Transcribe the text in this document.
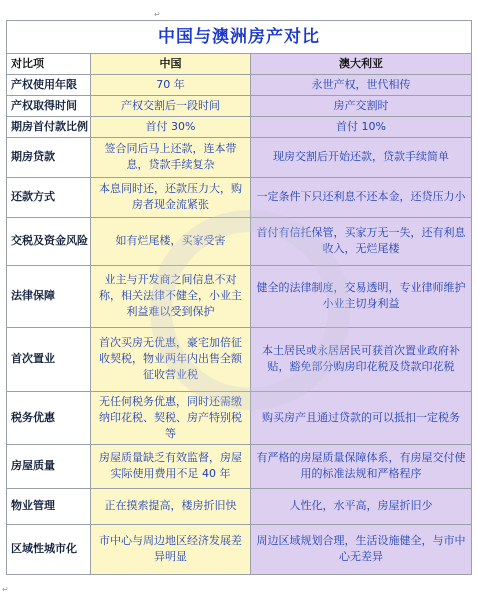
↵
中国与澳洲房产对比		
对比项	中国	澳大利亚
产权使用年限	70 年	永世产权，世代相传
产权取得时间	产权交割后一段时间	房产交割时
期房首付款比例	首付 30%	首付 10%
期房贷款	签合同后马上还款，连本带息，贷款手续复杂	现房交割后开始还款，贷款手续简单
还款方式	本息同时还，还款压力大，购房者现金流紧张	一定条件下只还利息不还本金，还贷压力小
交税及资金风险	如有烂尾楼，买家受害	首付有信托保管，买家万无一失，还有利息收入，无烂尾楼
法律保障	业主与开发商之间信息不对称，相关法律不健全，小业主利益难以受到保护	健全的法律制度，交易透明，专业律师维护小业主切身利益
首次置业	首次买房无优惠，豪宅加倍征收契税，物业两年内出售全额征收营业税	本土居民或永居居民可获首次置业政府补贴，豁免部分购房印花税及贷款印花税
税务优惠	无任何税务优惠，同时还需缴纳印花税、契税、房产特别税等	购买房产且通过贷款的可以抵扣一定税务
房屋质量	房屋质量缺乏有效监督，房屋实际使用费用不足 40 年	有严格的房屋质量保障体系，有房屋交付使用的标准法规和严格程序
物业管理	正在摸索提高，楼房折旧快	人性化，水平高，房屋折旧少
区域性城市化	市中心与周边地区经济发展差异明显	周边区域规划合理，生活设施健全，与市中心无差异
↵
